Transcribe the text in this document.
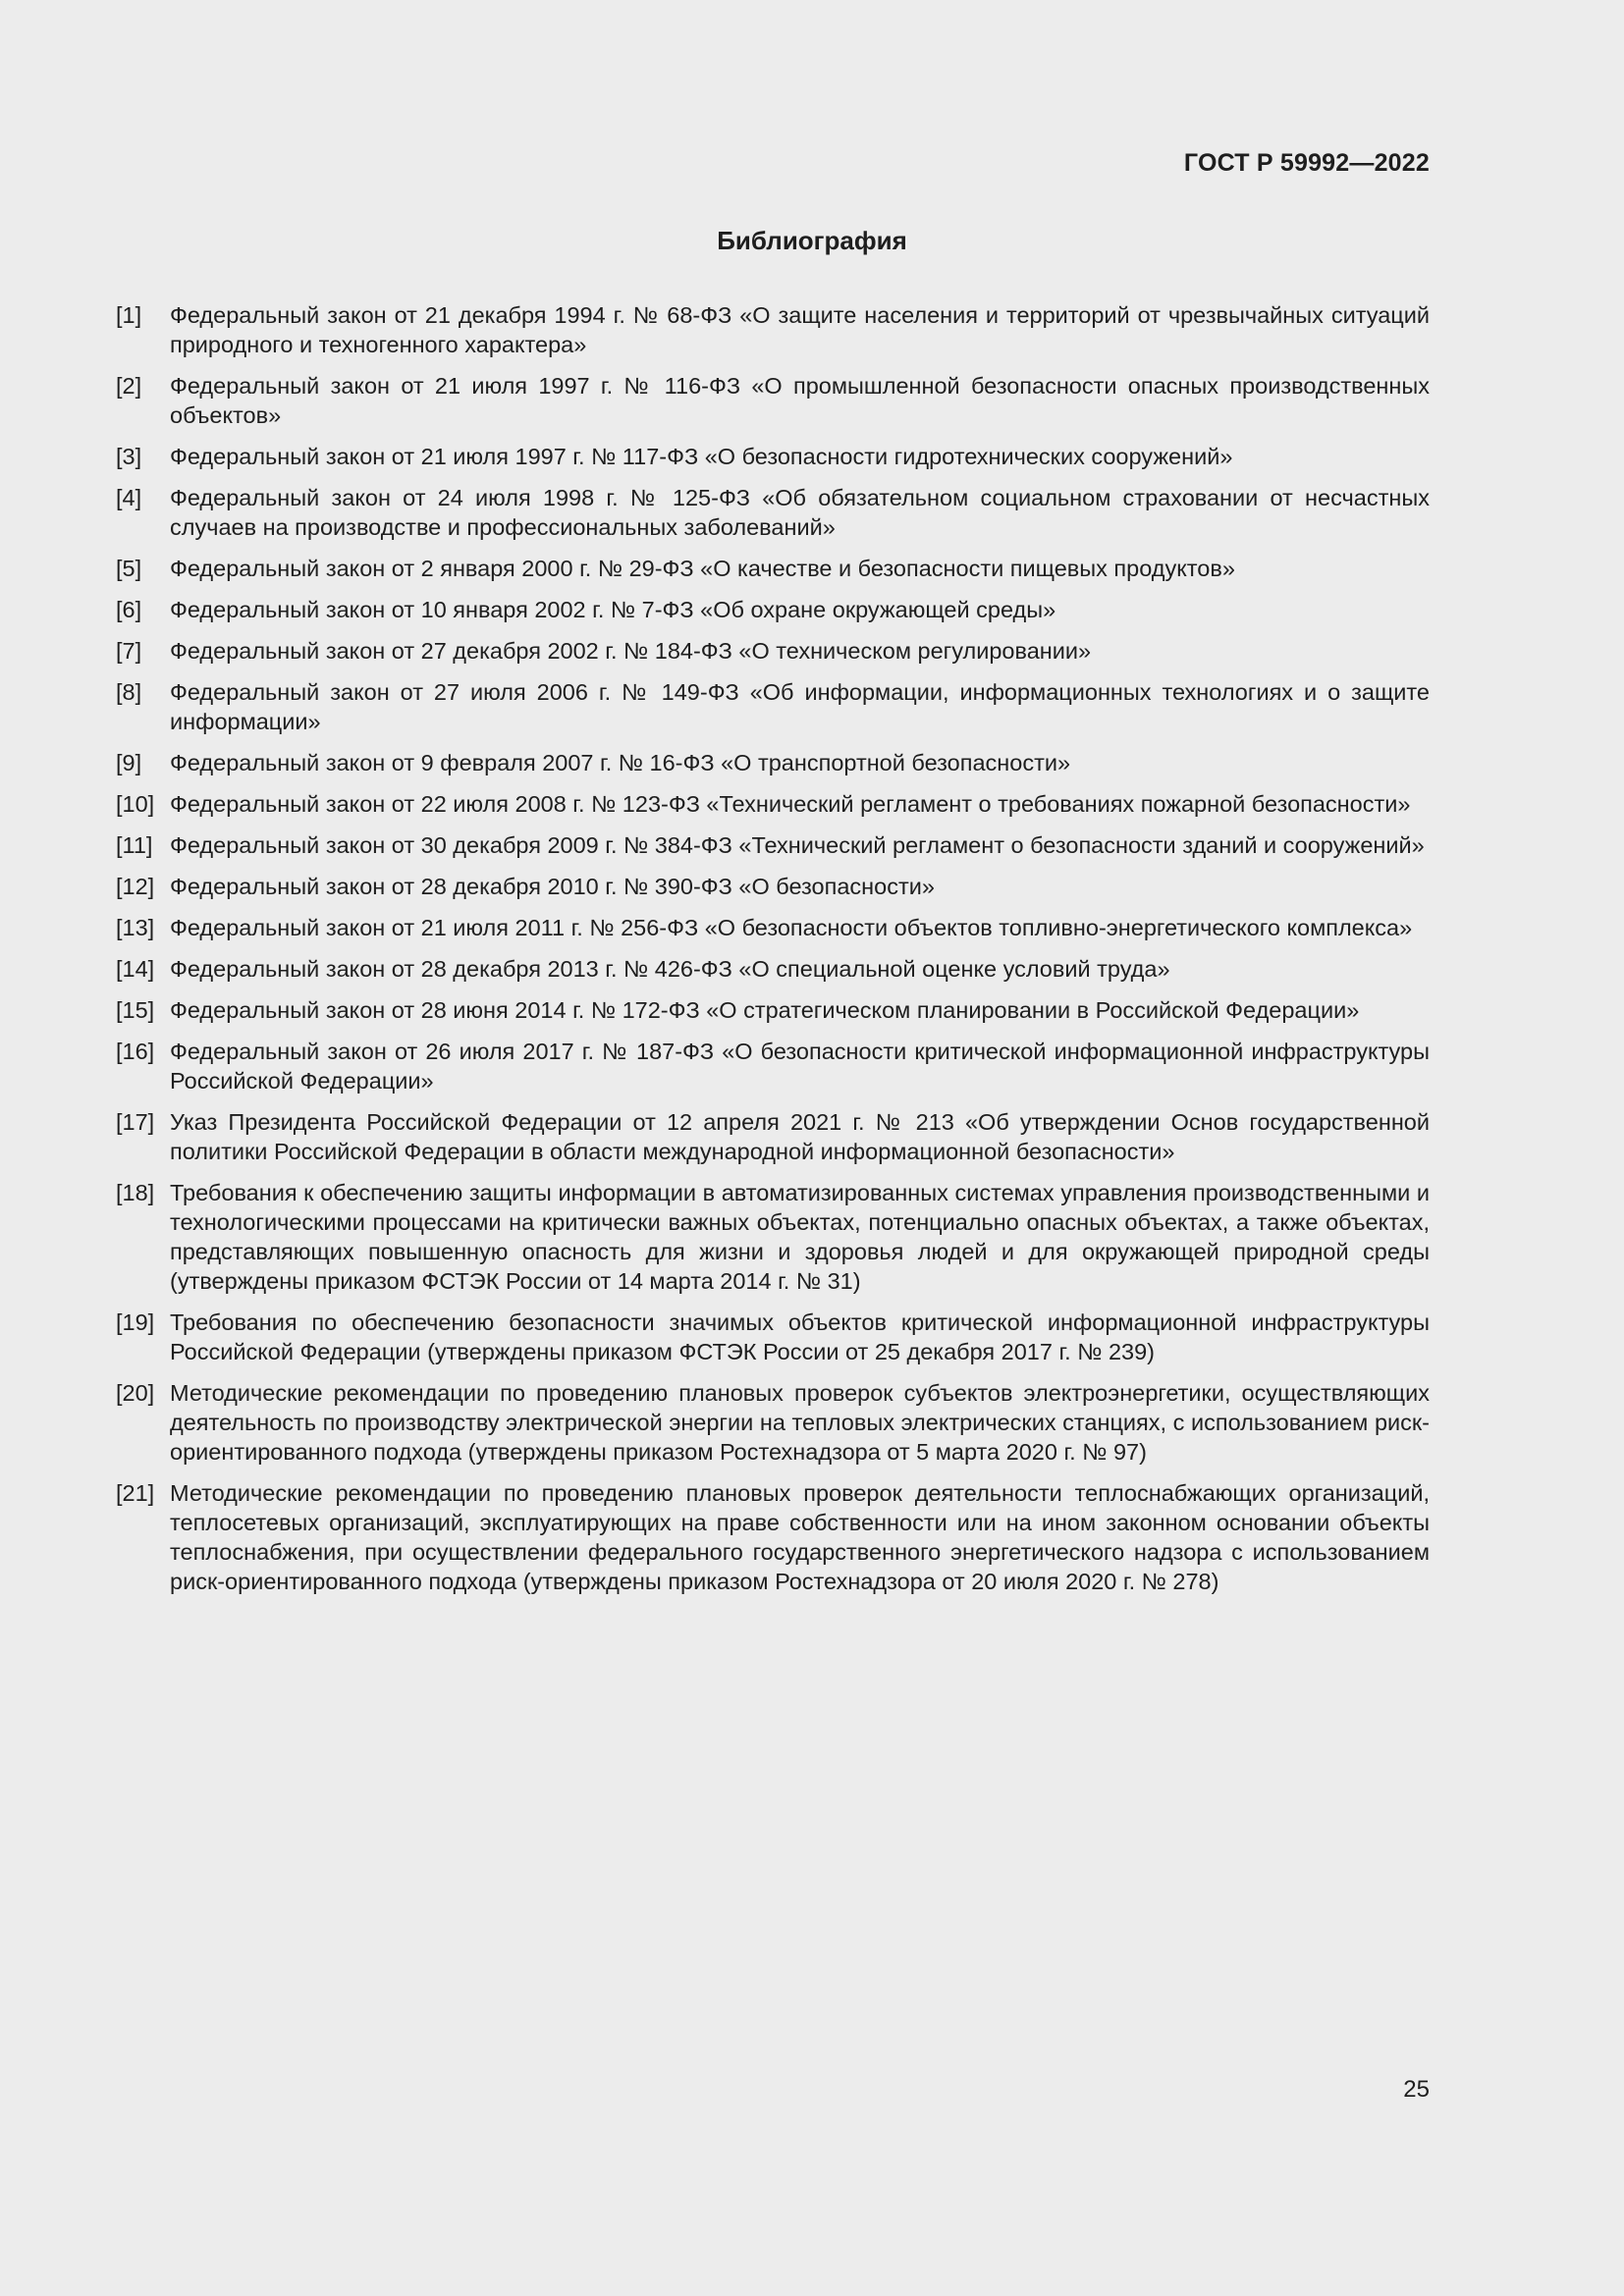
ГОСТ Р 59992—2022
Библиография
[1]	Федеральный закон от 21 декабря 1994 г. № 68-ФЗ «О защите населения и территорий от чрезвычайных ситуаций природного и техногенного характера»
[2]	Федеральный закон от 21 июля 1997 г. № 116-ФЗ «О промышленной безопасности опасных производственных объектов»
[3]	Федеральный закон от 21 июля 1997 г. № 117-ФЗ «О безопасности гидротехнических сооружений»
[4]	Федеральный закон от 24 июля 1998 г. № 125-ФЗ «Об обязательном социальном страховании от несчастных случаев на производстве и профессиональных заболеваний»
[5]	Федеральный закон от 2 января 2000 г. № 29-ФЗ «О качестве и безопасности пищевых продуктов»
[6]	Федеральный закон от 10 января 2002 г. № 7-ФЗ «Об охране окружающей среды»
[7]	Федеральный закон от 27 декабря 2002 г. № 184-ФЗ «О техническом регулировании»
[8]	Федеральный закон от 27 июля 2006 г. № 149-ФЗ «Об информации, информационных технологиях и о защите информации»
[9]	Федеральный закон от 9 февраля 2007 г. № 16-ФЗ «О транспортной безопасности»
[10] Федеральный закон от 22 июля 2008 г. № 123-ФЗ «Технический регламент о требованиях пожарной безопасности»
[11] Федеральный закон от 30 декабря 2009 г. № 384-ФЗ «Технический регламент о безопасности зданий и сооружений»
[12] Федеральный закон от 28 декабря 2010 г. № 390-ФЗ «О безопасности»
[13] Федеральный закон от 21 июля 2011 г. № 256-ФЗ «О безопасности объектов топливно-энергетического комплекса»
[14] Федеральный закон от 28 декабря 2013 г. № 426-ФЗ «О специальной оценке условий труда»
[15] Федеральный закон от 28 июня 2014 г. № 172-ФЗ «О стратегическом планировании в Российской Федерации»
[16] Федеральный закон от 26 июля 2017 г. № 187-ФЗ «О безопасности критической информационной инфраструктуры Российской Федерации»
[17] Указ Президента Российской Федерации от 12 апреля 2021 г. № 213 «Об утверждении Основ государственной политики Российской Федерации в области международной информационной безопасности»
[18] Требования к обеспечению защиты информации в автоматизированных системах управления производственными и технологическими процессами на критически важных объектах, потенциально опасных объектах, а также объектах, представляющих повышенную опасность для жизни и здоровья людей и для окружающей природной среды (утверждены приказом ФСТЭК России от 14 марта 2014 г. № 31)
[19] Требования по обеспечению безопасности значимых объектов критической информационной инфраструктуры Российской Федерации (утверждены приказом ФСТЭК России от 25 декабря 2017 г. № 239)
[20] Методические рекомендации по проведению плановых проверок субъектов электроэнергетики, осуществляющих деятельность по производству электрической энергии на тепловых электрических станциях, с использованием риск-ориентированного подхода (утверждены приказом Ростехнадзора от 5 марта 2020 г. № 97)
[21] Методические рекомендации по проведению плановых проверок деятельности теплоснабжающих организаций, теплосетевых организаций, эксплуатирующих на праве собственности или на ином законном основании объекты теплоснабжения, при осуществлении федерального государственного энергетического надзора с использованием риск-ориентированного подхода (утверждены приказом Ростехнадзора от 20 июля 2020 г. № 278)
25
